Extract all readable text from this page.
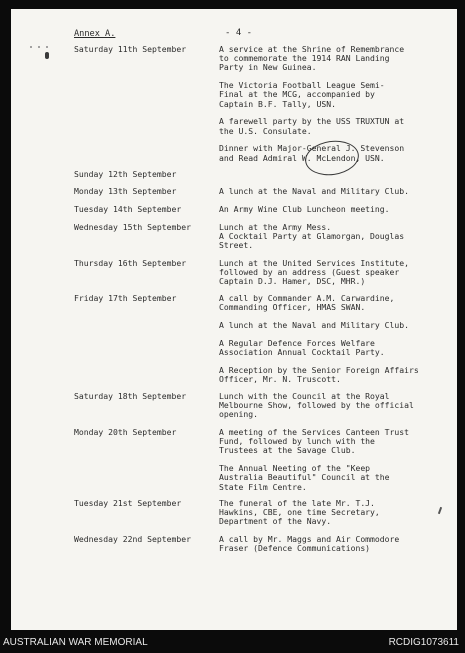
Annex A.	- 4 -
Saturday 11th September	A service at the Shrine of Remembrance
to commemorate the 1914 RAN Landing
Party in New Guinea.
The Victoria Football League Semi-
Final at the MCG, accompanied by
Captain B.F. Tally, USN.
A farewell party by the USS TRUXTUN at
the U.S. Consulate.
Dinner with Major-General J. Stevenson
and Read Admiral W. McLendon, USN.
Sunday 12th September
Monday 13th September	A lunch at the Naval and Military Club.
Tuesday 14th September	An Army Wine Club Luncheon meeting.
Wednesday 15th September	Lunch at the Army Mess.
A Cocktail Party at Glamorgan, Douglas
Street.
Thursday 16th September	Lunch at the United Services Institute,
followed by an address (Guest speaker
Captain D.J. Hamer, DSC, MHR.)
Friday 17th September	A call by Commander A.M. Carwardine,
Commanding Officer, HMAS SWAN.
A lunch at the Naval and Military Club.
A Regular Defence Forces Welfare
Association Annual Cocktail Party.
A Reception by the Senior Foreign Affairs
Officer, Mr. N. Truscott.
Saturday 18th September	Lunch with the Council at the Royal
Melbourne Show, followed by the official
opening.
Monday 20th September	A meeting of the Services Canteen Trust
Fund, followed by lunch with the
Trustees at the Savage Club.
The Annual Neeting of the "Keep
Australia Beautiful" Council at the
State Film Centre.
Tuesday 21st September	The funeral of the late Mr. T.J.
Hawkins, CBE, one time Secretary,
Department of the Navy.
Wednesday 22nd September	A call by Mr. Maggs and Air Commodore
Fraser (Defence Communications)
AUSTRALIAN WAR MEMORIAL	RCDIG1073611
